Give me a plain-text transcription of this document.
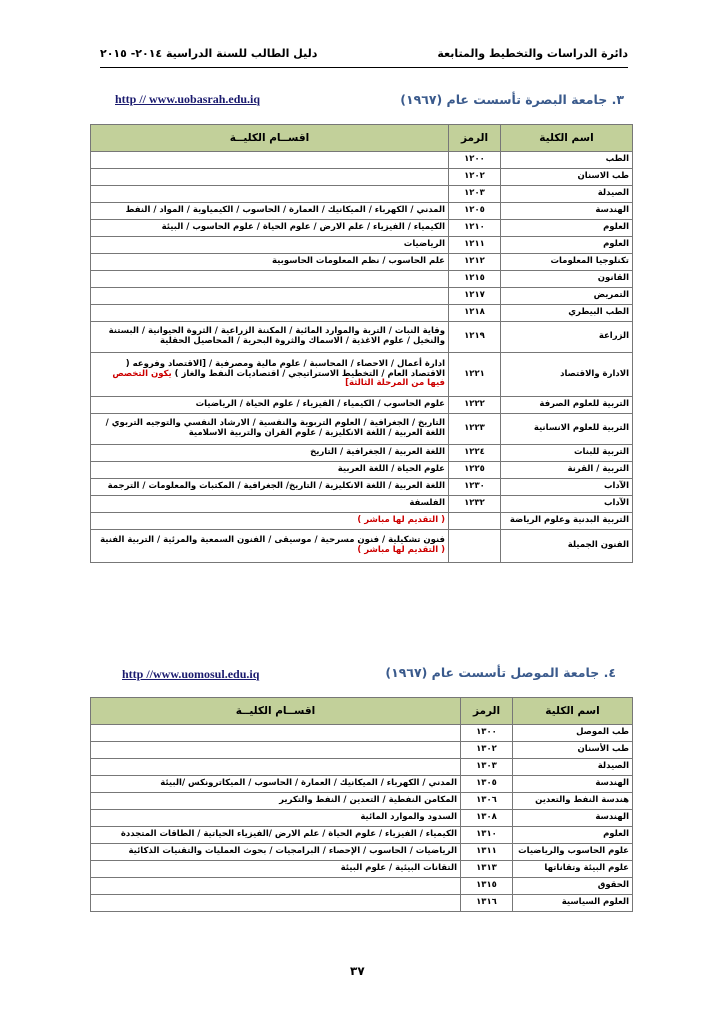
دائرة الدراسات والتخطيط والمتابعة
دليل الطالب للسنة الدراسية ٢٠١٤- ٢٠١٥
٣. جامعة البصرة تأسست عام (١٩٦٧)
http // www.uobasrah.edu.iq
اسم الكلية	الرمز	اقســام الكليــة
الطب	١٢٠٠	
طب الاسنان	١٢٠٢	
الصيدلة	١٢٠٣	
الهندسة	١٢٠٥	المدني / الكهرباء / الميكانيك / العمارة / الحاسوب / الكيمياوية / المواد / النفط
العلوم	١٢١٠	الكيمياء / الفيزياء / علم الارض / علوم الحياة / علوم الحاسوب / البيئة
العلوم	١٢١١	الرياضيات
تكنلوجيا المعلومات	١٢١٢	علم الحاسوب / نظم المعلومات الحاسوبية
القانون	١٢١٥	
التمريض	١٢١٧	
الطب البيطري	١٢١٨	
الزراعة	١٢١٩	وقاية النبات / التربة والموارد المائية / المكننة الزراعية / الثروة الحيوانية / البستنة والنخيل / علوم الاغذية / الاسماك والثروة البحرية / المحاصيل الحقلية
الادارة والاقتصاد	١٢٢١	ادارة أعمال / الاحصاء / المحاسبة / علوم مالية ومصرفية / [الاقتصاد وفروعه ( الاقتصاد العام / التخطيط الاستراتيجي / اقتصاديات النفط والغاز ) يكون التخصص فيها من المرحلة الثالثة]
التربية للعلوم الصرفة	١٢٢٢	علوم الحاسوب / الكيمياء / الفيزياء / علوم الحياة / الرياضيات
التربية للعلوم الانسانية	١٢٢٣	التاريخ / الجغرافية / العلوم التربوية والنفسية / الارشاد النفسي والتوجيه التربوي / اللغة العربية / اللغة الانكليزية / علوم القران والتربية الاسلامية
التربية للبنات	١٢٢٤	اللغة العربية / الجغرافية / التاريخ
التربية / القرنة	١٢٢٥	علوم الحياة / اللغة العربية
الآداب	١٢٣٠	اللغة العربية / اللغة الانكليزية / التاريخ/ الجغرافية / المكتبات والمعلومات / الترجمة
الآداب	١٢٣٢	الفلسفة
التربية البدنية وعلوم الرياضة		( التقديم لها مباشر )
الفنون الجميلة		فنون تشكيلية / فنون مسرحية / موسيقى / الفنون السمعية والمرئية / التربية الفنية ( التقديم لها مباشر )
٤. جامعة الموصل تأسست عام (١٩٦٧)
http //www.uomosul.edu.iq
اسم الكلية	الرمز	اقســام الكليــة
طب الموصل	١٣٠٠	
طب الأسنان	١٣٠٢	
الصيدلة	١٣٠٣	
الهندسة	١٣٠٥	المدني / الكهرباء / الميكانيك / العمارة / الحاسوب / الميكاترونكس /البيئة
هندسة النفط والتعدين	١٣٠٦	المكامن النفطية / التعدين / النفط والتكرير
الهندسة	١٣٠٨	السدود والموارد المائية
العلوم	١٣١٠	الكيمياء / الفيزياء / علوم الحياة / علم الارض /الفيزياء الحياتية / الطاقات المتجددة
علوم الحاسوب والرياضيات	١٣١١	الرياضيات / الحاسوب / الإحصاء / البرامجيات / بحوث العمليات والتقنيات الذكائية
علوم البيئة وتقاناتها	١٣١٣	التقانات البيئية / علوم البيئة
الحقوق	١٣١٥	
العلوم السياسية	١٣١٦	
٣٧
